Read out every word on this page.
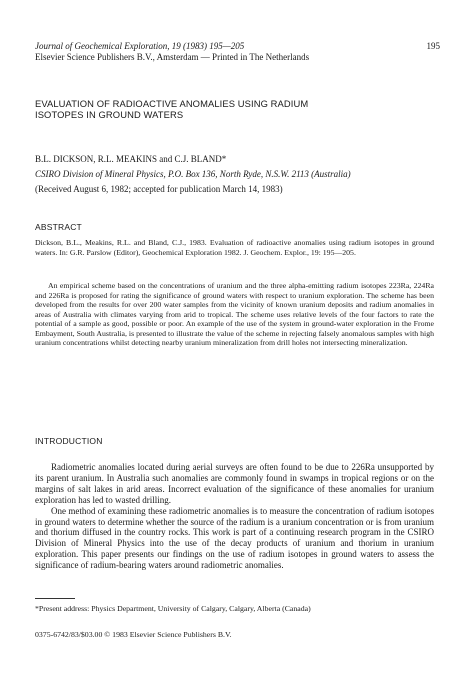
Journal of Geochemical Exploration, 19 (1983) 195—205
Elsevier Science Publishers B.V., Amsterdam — Printed in The Netherlands
195
EVALUATION OF RADIOACTIVE ANOMALIES USING RADIUM
ISOTOPES IN GROUND WATERS
B.L. DICKSON, R.L. MEAKINS and C.J. BLAND*
CSIRO Division of Mineral Physics, P.O. Box 136, North Ryde, N.S.W. 2113 (Australia)
(Received August 6, 1982; accepted for publication March 14, 1983)
ABSTRACT
Dickson, B.L., Meakins, R.L. and Bland, C.J., 1983. Evaluation of radioactive anomalies using radium isotopes in ground waters. In: G.R. Parslow (Editor), Geochemical Exploration 1982. J. Geochem. Explor., 19: 195—205.
An empirical scheme based on the concentrations of uranium and the three alpha-emitting radium isotopes 223Ra, 224Ra and 226Ra is proposed for rating the significance of ground waters with respect to uranium exploration. The scheme has been developed from the results for over 200 water samples from the vicinity of known uranium deposits and radium anomalies in areas of Australia with climates varying from arid to tropical. The scheme uses relative levels of the four factors to rate the potential of a sample as good, possible or poor. An example of the use of the system in ground-water exploration in the Frome Embayment, South Australia, is presented to illustrate the value of the scheme in rejecting falsely anomalous samples with high uranium concentrations whilst detecting nearby uranium mineralization from drill holes not intersecting mineralization.
INTRODUCTION

Radiometric anomalies located during aerial surveys are often found to be due to 226Ra unsupported by its parent uranium. In Australia such anomalies are commonly found in swamps in tropical regions or on the margins of salt lakes in arid areas. Incorrect evaluation of the significance of these anomalies for uranium exploration has led to wasted drilling.

One method of examining these radiometric anomalies is to measure the concentration of radium isotopes in ground waters to determine whether the source of the radium is a uranium concentration or is from uranium and thorium diffused in the country rocks. This work is part of a continuing research program in the CSIRO Division of Mineral Physics into the use of the decay products of uranium and thorium in uranium exploration. This paper presents our findings on the use of radium isotopes in ground waters to assess the significance of radium-bearing waters around radiometric anomalies.

*Present address: Physics Department, University of Calgary, Calgary, Alberta (Canada)
0375-6742/83/$03.00 © 1983 Elsevier Science Publishers B.V.
